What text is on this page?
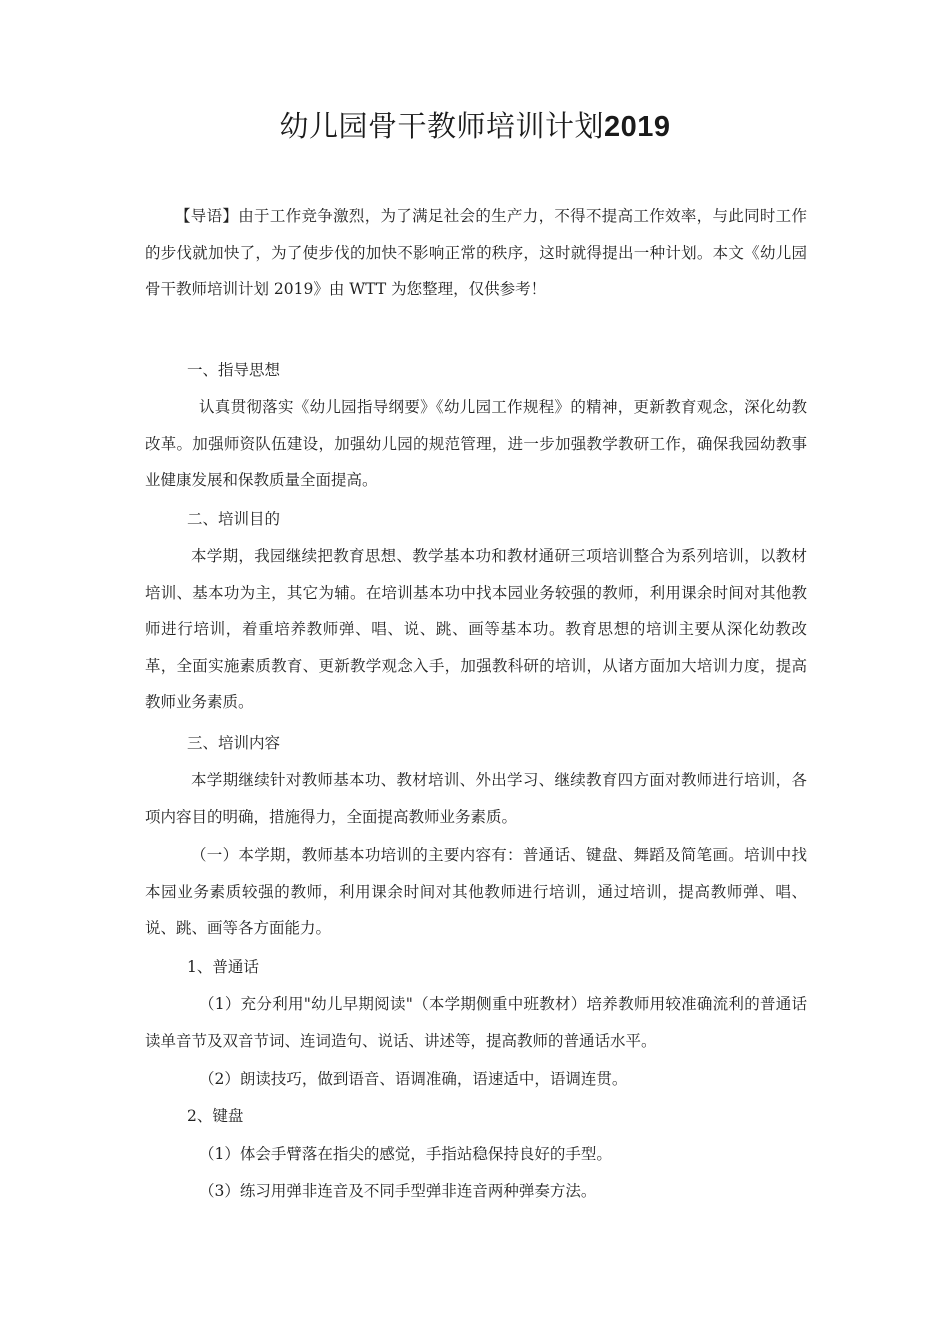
幼儿园骨干教师培训计划2019
【导语】由于工作竞争激烈，为了满足社会的生产力，不得不提高工作效率，与此同时工作的步伐就加快了，为了使步伐的加快不影响正常的秩序，这时就得提出一种计划。本文《幼儿园骨干教师培训计划 2019》由 WTT 为您整理，仅供参考！
一、指导思想
认真贯彻落实《幼儿园指导纲要》《幼儿园工作规程》的精神，更新教育观念，深化幼教改革。加强师资队伍建设，加强幼儿园的规范管理，进一步加强教学教研工作，确保我园幼教事业健康发展和保教质量全面提高。
二、培训目的
本学期，我园继续把教育思想、教学基本功和教材通研三项培训整合为系列培训，以教材培训、基本功为主，其它为辅。在培训基本功中找本园业务较强的教师，利用课余时间对其他教师进行培训，着重培养教师弹、唱、说、跳、画等基本功。教育思想的培训主要从深化幼教改革，全面实施素质教育、更新教学观念入手，加强教科研的培训，从诸方面加大培训力度，提高教师业务素质。
三、培训内容
本学期继续针对教师基本功、教材培训、外出学习、继续教育四方面对教师进行培训，各项内容目的明确，措施得力，全面提高教师业务素质。
（一）本学期，教师基本功培训的主要内容有：普通话、键盘、舞蹈及简笔画。培训中找本园业务素质较强的教师，利用课余时间对其他教师进行培训，通过培训，提高教师弹、唱、说、跳、画等各方面能力。
1、普通话
（1）充分利用"幼儿早期阅读"（本学期侧重中班教材）培养教师用较准确流利的普通话读单音节及双音节词、连词造句、说话、讲述等，提高教师的普通话水平。
（2）朗读技巧，做到语音、语调准确，语速适中，语调连贯。
2、键盘
（1）体会手臂落在指尖的感觉，手指站稳保持良好的手型。
（3）练习用弹非连音及不同手型弹非连音两种弹奏方法。
